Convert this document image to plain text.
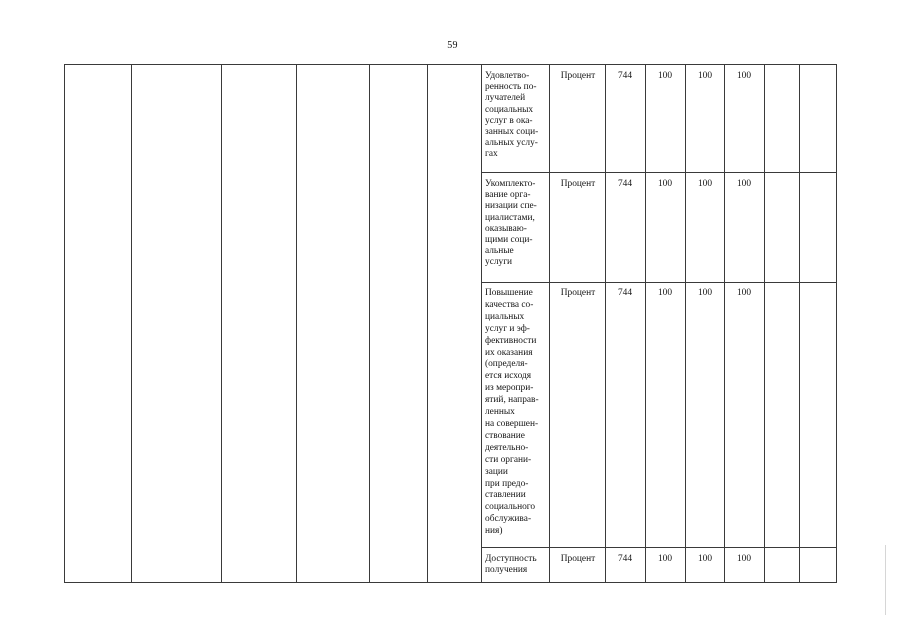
59
Удовлетво-
ренность по-
лучателей
социальных
услуг в ока-
занных соци-
альных услу-
гах
Процент	744	100	100	100
Укомплекто-
вание орга-
низации спе-
циалистами,
оказываю-
щими соци-
альные
услуги
Процент	744	100	100	100
Повышение
качества со-
циальных
услуг и эф-
фективности
их оказания
(определя-
ется исходя
из меропри-
ятий, направ-
ленных
на совершен-
ствование
деятельно-
сти органи-
зации
при предо-
ставлении
социального
обслуживa-
ния)
Процент	744	100	100	100
Доступность
получения
Процент	744	100	100	100
